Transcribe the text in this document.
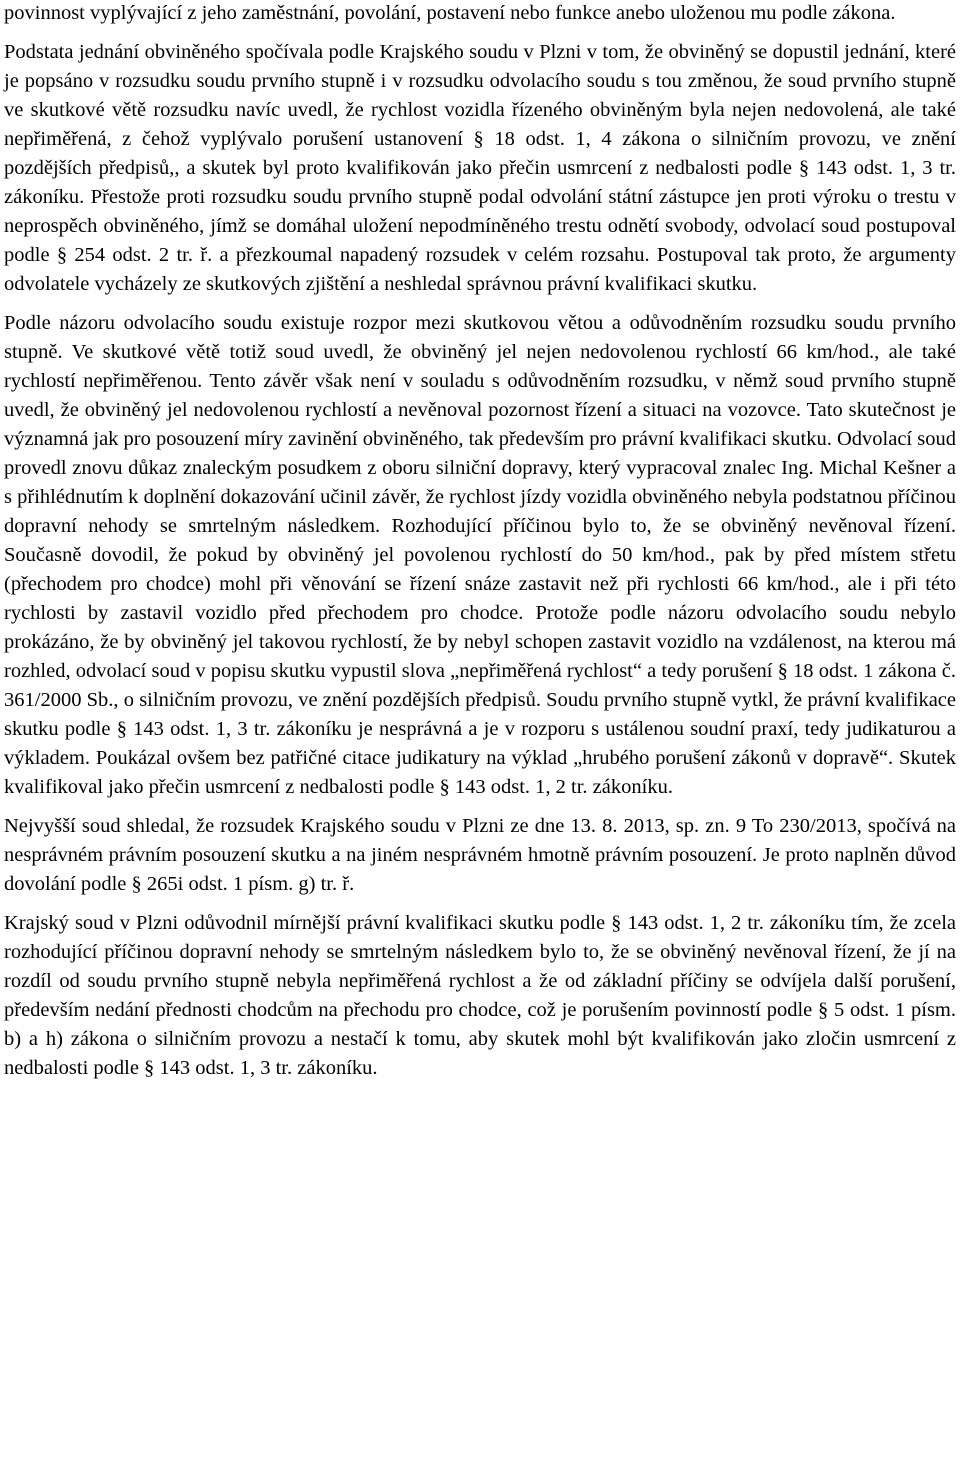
povinnost vyplývající z jeho zaměstnání, povolání, postavení nebo funkce anebo uloženou mu podle zákona.

Podstata jednání obviněného spočívala podle Krajského soudu v Plzni v tom, že obviněný se dopustil jednání, které je popsáno v rozsudku soudu prvního stupně i v rozsudku odvolacího soudu s tou změnou, že soud prvního stupně ve skutkové větě rozsudku navíc uvedl, že rychlost vozidla řízeného obviněným byla nejen nedovolená, ale také nepřiměřená, z čehož vyplývalo porušení ustanovení § 18 odst. 1, 4 zákona o silničním provozu, ve znění pozdějších předpisů,, a skutek byl proto kvalifikován jako přečin usmrcení z nedbalosti podle § 143 odst. 1, 3 tr. zákoníku. Přestože proti rozsudku soudu prvního stupně podal odvolání státní zástupce jen proti výroku o trestu v neprospěch obviněného, jímž se domáhal uložení nepodmíněného trestu odnětí svobody, odvolací soud postupoval podle § 254 odst. 2 tr. ř. a přezkoumal napadený rozsudek v celém rozsahu. Postupoval tak proto, že argumenty odvolatele vycházely ze skutkových zjištění a neshledal správnou právní kvalifikaci skutku.

Podle názoru odvolacího soudu existuje rozpor mezi skutkovou větou a odůvodněním rozsudku soudu prvního stupně. Ve skutkové větě totiž soud uvedl, že obviněný jel nejen nedovolenou rychlostí 66 km/hod., ale také rychlostí nepřiměřenou. Tento závěr však není v souladu s odůvodněním rozsudku, v němž soud prvního stupně uvedl, že obviněný jel nedovolenou rychlostí a nevěnoval pozornost řízení a situaci na vozovce. Tato skutečnost je významná jak pro posouzení míry zavinění obviněného, tak především pro právní kvalifikaci skutku. Odvolací soud provedl znovu důkaz znaleckým posudkem z oboru silniční dopravy, který vypracoval znalec Ing. Michal Kešner a s přihlédnutím k doplnění dokazování učinil závěr, že rychlost jízdy vozidla obviněného nebyla podstatnou příčinou dopravní nehody se smrtelným následkem. Rozhodující příčinou bylo to, že se obviněný nevěnoval řízení. Současně dovodil, že pokud by obviněný jel povolenou rychlostí do 50 km/hod., pak by před místem střetu (přechodem pro chodce) mohl při věnování se řízení snáze zastavit než při rychlosti 66 km/hod., ale i při této rychlosti by zastavil vozidlo před přechodem pro chodce. Protože podle názoru odvolacího soudu nebylo prokázáno, že by obviněný jel takovou rychlostí, že by nebyl schopen zastavit vozidlo na vzdálenost, na kterou má rozhled, odvolací soud v popisu skutku vypustil slova „nepřiměřená rychlost“ a tedy porušení § 18 odst. 1 zákona č. 361/2000 Sb., o silničním provozu, ve znění pozdějších předpisů. Soudu prvního stupně vytkl, že právní kvalifikace skutku podle § 143 odst. 1, 3 tr. zákoníku je nesprávná a je v rozporu s ustálenou soudní praxí, tedy judikaturou a výkladem. Poukázal ovšem bez patřičné citace judikatury na výklad „hrubého porušení zákonů v dopravě“. Skutek kvalifikoval jako přečin usmrcení z nedbalosti podle § 143 odst. 1, 2 tr. zákoníku.

Nejvyšší soud shledal, že rozsudek Krajského soudu v Plzni ze dne 13. 8. 2013, sp. zn. 9 To 230/2013, spočívá na nesprávném právním posouzení skutku a na jiném nesprávném hmotně právním posouzení. Je proto naplněn důvod dovolání podle § 265i odst. 1 písm. g) tr. ř.

Krajský soud v Plzni odůvodnil mírnější právní kvalifikaci skutku podle § 143 odst. 1, 2 tr. zákoníku tím, že zcela rozhodující příčinou dopravní nehody se smrtelným následkem bylo to, že se obviněný nevěnoval řízení, že jí na rozdíl od soudu prvního stupně nebyla nepřiměřená rychlost a že od základní příčiny se odvíjela další porušení, především nedání přednosti chodcům na přechodu pro chodce, což je porušením povinností podle § 5 odst. 1 písm. b) a h) zákona o silničním provozu a nestačí k tomu, aby skutek mohl být kvalifikován jako zločin usmrcení z nedbalosti podle § 143 odst. 1, 3 tr. zákoníku.
